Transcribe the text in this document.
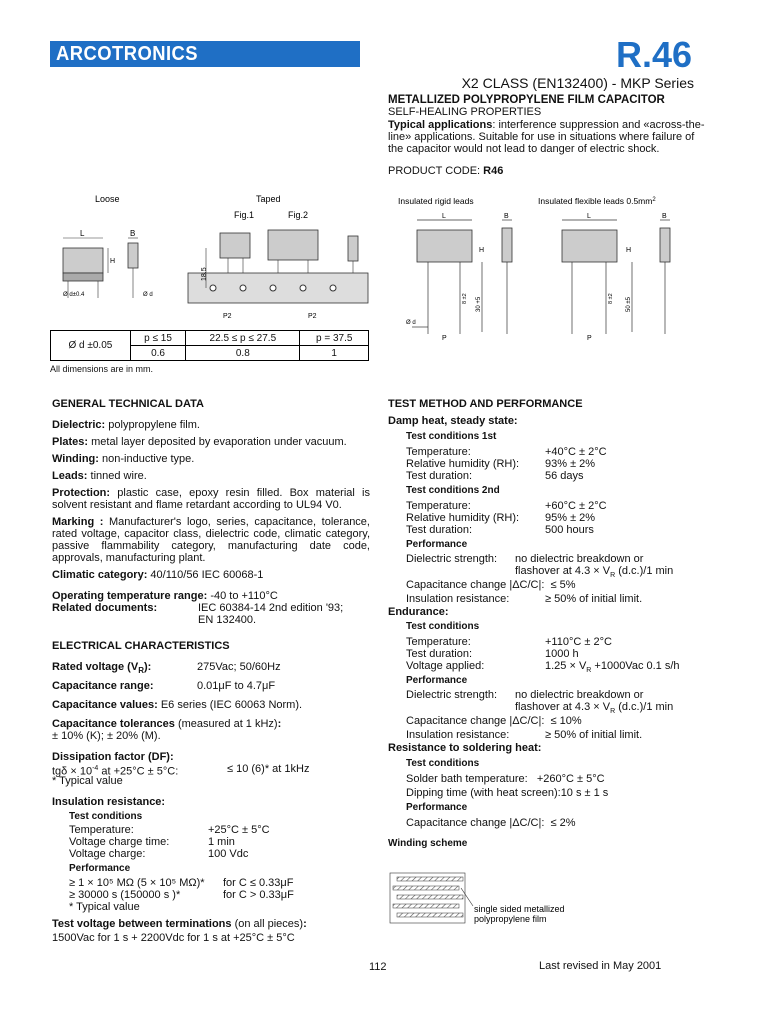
ARCOTRONICS	R.46
X2 CLASS (EN132400) - MKP Series
METALLIZED POLYPROPYLENE FILM CAPACITOR
SELF-HEALING PROPERTIES
Typical applications: interference suppression and «across-the-line» applications. Suitable for use in situations where failure of the capacitor would not lead to danger of electric shock.
PRODUCT CODE: R46
Loose	Taped
Fig.1	Fig.2
L	B
H
Ø d±0.4	Ø d
18.5
P2	P2
Ø d ±0.05	p ≤ 15	22.5 ≤ p ≤ 27.5	p = 37.5
	0.6	0.8	1
All dimensions are in mm.
Insulated rigid leads	Insulated flexible leads $0.5mm^2$
L	B	L	B
H	H
Ø d
P	P
30 +5	50 ±5
8 ±2	8 ±2
GENERAL TECHNICAL DATA
Dielectric: polypropylene film.
Plates: metal layer deposited by evaporation under vacuum.
Winding: non-inductive type.
Leads: tinned wire.
Protection: plastic case, epoxy resin filled. Box material is solvent resistant and flame retardant according to UL94 V0.
Marking : Manufacturer's logo, series, capacitance, tolerance, rated voltage, capacitor class, dielectric code, climatic category, passive flammability category, manufacturing date code, approvals, manufacturing plant.
Climatic category: 40/110/56 IEC 60068-1
Operating temperature range: -40 to +110°C
Related documents:	IEC 60384-14 2nd edition '93;
EN 132400.
ELECTRICAL CHARACTERISTICS
Rated voltage $(V_R)$:	275Vac; 50/60Hz
Capacitance range:	0.01μF to 4.7μF
Capacitance values: E6 series (IEC 60063 Norm).
Capacitance tolerances (measured at 1 kHz):
± 10% (K); ± 20% (M).
Dissipation factor (DF):
$tg\delta \times 10^{-4}$ at +25°C ± 5°C:	≤ 10 (6)* at 1kHz
* Typical value
Insulation resistance:
Test conditions
Temperature:	+25°C ± 5°C
Voltage charge time:	1 min
Voltage charge:	100 Vdc
Performance
≥ 1 × 10⁵ MΩ (5 × 10⁵ MΩ)* for C ≤ 0.33μF
≥ 30000 s (150000 s )*	for C > 0.33μF
* Typical value
Test voltage between terminations (on all pieces):
1500Vac for 1 s + 2200Vdc for 1 s at +25°C ± 5°C
TEST METHOD AND PERFORMANCE
Damp heat, steady state:
Test conditions 1st
Temperature:	+40°C ± 2°C
Relative humidity (RH): 93% ± 2%
Test duration:	56 days
Test conditions 2nd
Temperature:	+60°C ± 2°C
Relative humidity (RH): 95% ± 2%
Test duration:	500 hours
Performance
Dielectric strength: no dielectric breakdown or
flashover at $4.3 \times V_R$ (d.c.)/1 min
Capacitance change |ΔC/C|: ≤ 5%
Insulation resistance:	≥ 50% of initial limit.
Endurance:
Test conditions
Temperature:	+110°C ± 2°C
Test duration:	1000 h
Voltage applied:	$1.25 \times V_R +1000Vac$ 0.1 s/h
Performance
Dielectric strength: no dielectric breakdown or
flashover at $4.3 \times V_R$ (d.c.)/1 min
Capacitance change |ΔC/C|: ≤ 10%
Insulation resistance:	≥ 50% of initial limit.
Resistance to soldering heat:
Test conditions
Solder bath temperature: +260°C ± 5°C
Dipping time (with heat screen):10 s ± 1 s
Performance
Capacitance change |ΔC/C|: ≤ 2%
Winding scheme
single sided metallized
polypropylene film
112	Last revised in May 2001
